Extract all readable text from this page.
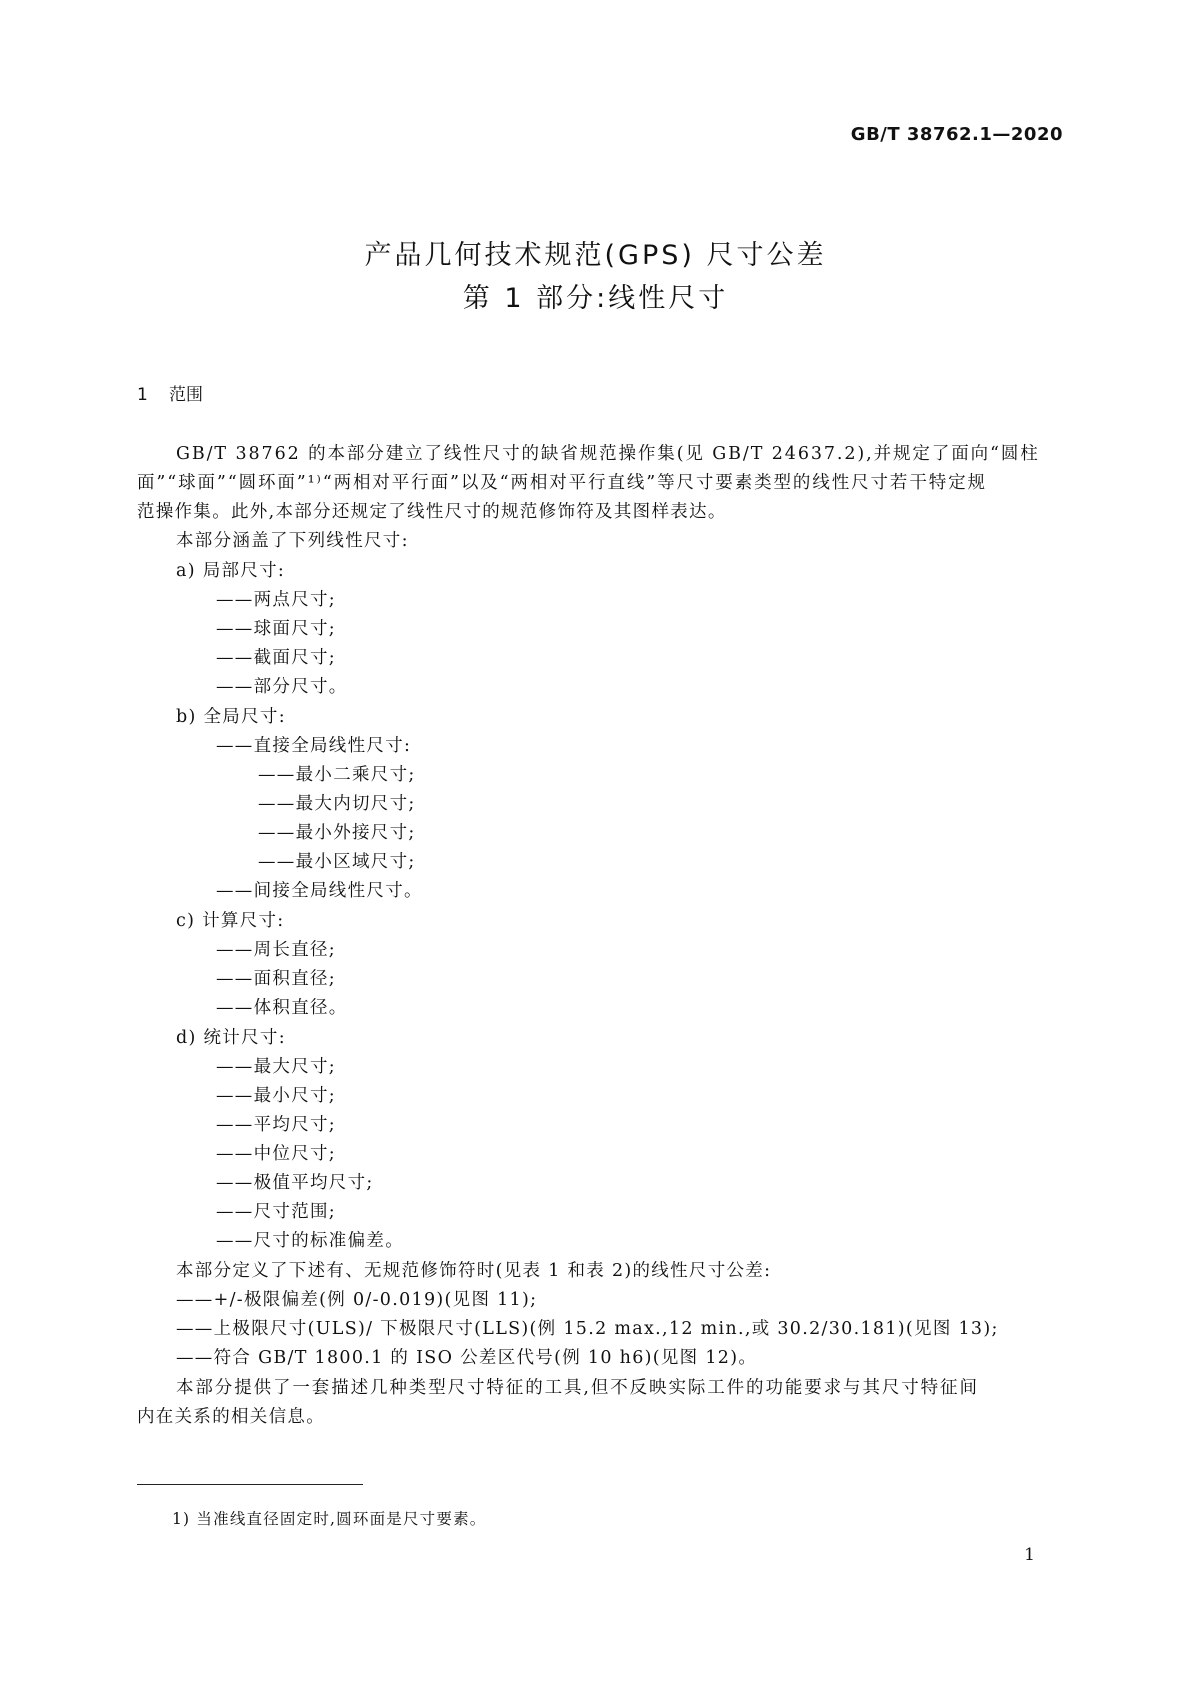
GB/T 38762.1—2020
产品几何技术规范(GPS) 尺寸公差
第 1 部分:线性尺寸
1 范围
GB/T 38762 的本部分建立了线性尺寸的缺省规范操作集(见 GB/T 24637.2),并规定了面向“圆柱
面”“球面”“圆环面”¹⁾“两相对平行面”以及“两相对平行直线”等尺寸要素类型的线性尺寸若干特定规
范操作集。此外,本部分还规定了线性尺寸的规范修饰符及其图样表达。
本部分涵盖了下列线性尺寸:
a) 局部尺寸:
——两点尺寸;
——球面尺寸;
——截面尺寸;
——部分尺寸。
b) 全局尺寸:
——直接全局线性尺寸:
——最小二乘尺寸;
——最大内切尺寸;
——最小外接尺寸;
——最小区域尺寸;
——间接全局线性尺寸。
c) 计算尺寸:
——周长直径;
——面积直径;
——体积直径。
d) 统计尺寸:
——最大尺寸;
——最小尺寸;
——平均尺寸;
——中位尺寸;
——极值平均尺寸;
——尺寸范围;
——尺寸的标准偏差。
本部分定义了下述有、无规范修饰符时(见表 1 和表 2)的线性尺寸公差:
——+/-极限偏差(例 0/-0.019)(见图 11);
——上极限尺寸(ULS)/ 下极限尺寸(LLS)(例 15.2 max.,12 min.,或 30.2/30.181)(见图 13);
——符合 GB/T 1800.1 的 ISO 公差区代号(例 10 h6)(见图 12)。
本部分提供了一套描述几种类型尺寸特征的工具,但不反映实际工件的功能要求与其尺寸特征间
内在关系的相关信息。
1) 当准线直径固定时,圆环面是尺寸要素。
1
